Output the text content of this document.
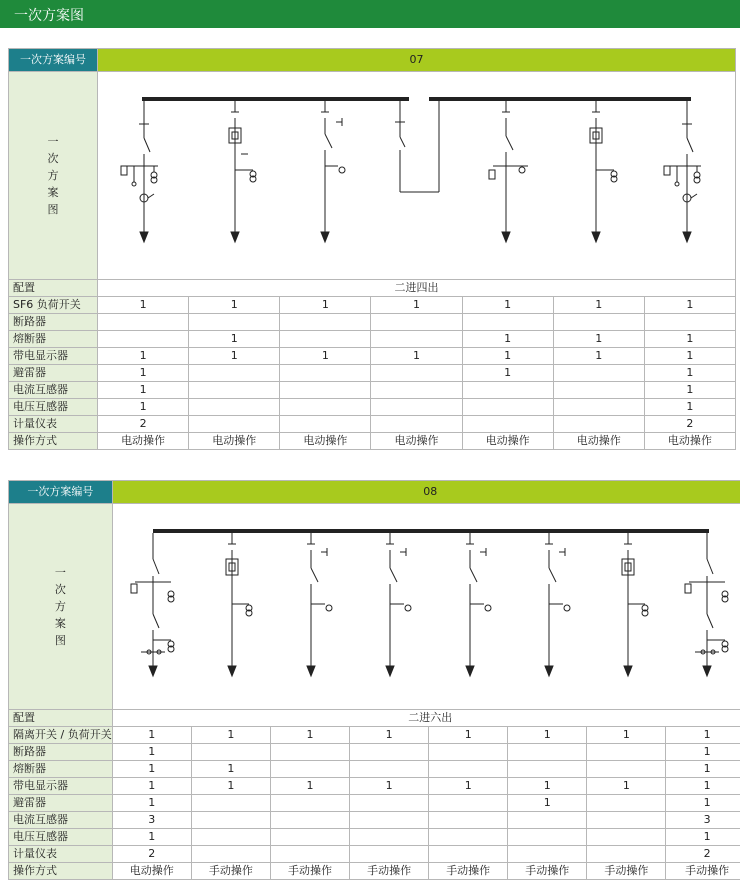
一次方案图
一次方案编号	07						

一
次
方
案
图

配置	二进四出						
SF6 负荷开关	1	1	1	1	1	1	1
断路器							
熔断器		1			1	1	1
带电显示器	1	1	1	1	1	1	1
避雷器	1				1		1
电流互感器	1						1
电压互感器	1						1
计量仪表	2						2
操作方式	电动操作	电动操作	电动操作	电动操作	电动操作	电动操作	电动操作
一次方案编号	08							

一
次
方
案
图

配置	二进六出							
隔离开关 / 负荷开关	1	1	1	1	1	1	1	1
断路器	1							1
熔断器	1	1						1
带电显示器	1	1	1	1	1	1	1	1
避雷器	1					1		1
电流互感器	3							3
电压互感器	1							1
计量仪表	2							2
操作方式	电动操作	手动操作	手动操作	手动操作	手动操作	手动操作	手动操作	手动操作
